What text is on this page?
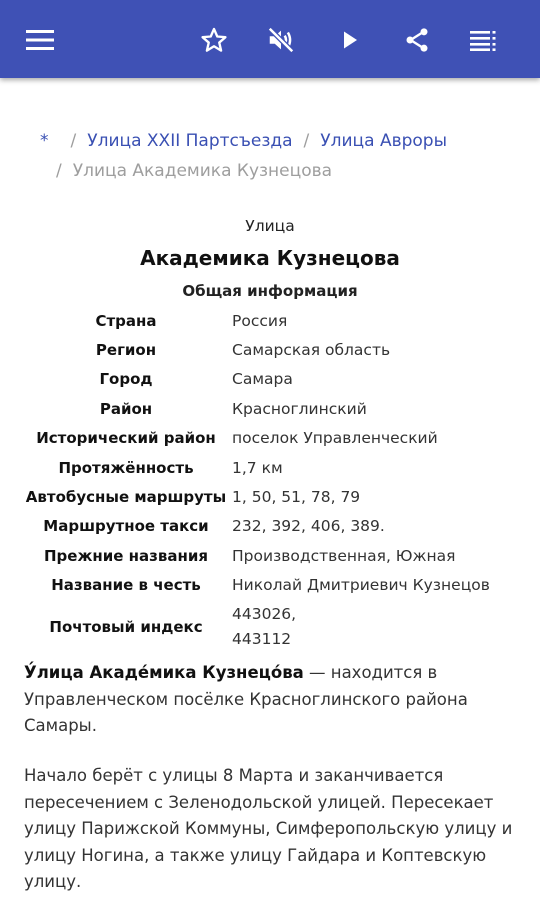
* / Улица XXII Партсъезда / Улица Авроры
/ Улица Академика Кузнецова
Улица
Академика Кузнецова
Общая информация
Страна	Россия
Регион	Самарская область
Город	Самара
Район	Красноглинский
Исторический район	поселок Управленческий
Протяжённость	1,7 км
Автобусные маршруты	1, 50, 51, 78, 79
Маршрутное такси	232, 392, 406, 389.
Прежние названия	Производственная, Южная
Название в честь	Николай Дмитриевич Кузнецов
Почтовый индекс	443026,
443112
У́лица Акаде́мика Кузнецо́ва — находится в Управленческом посёлке Красноглинского района Самары.
Начало берёт с улицы 8 Марта и заканчивается пересечением с Зеленодольской улицей. Пересекает улицу Парижской Коммуны, Симферопольскую улицу и улицу Ногина, а также улицу Гайдара и Коптевскую улицу.
